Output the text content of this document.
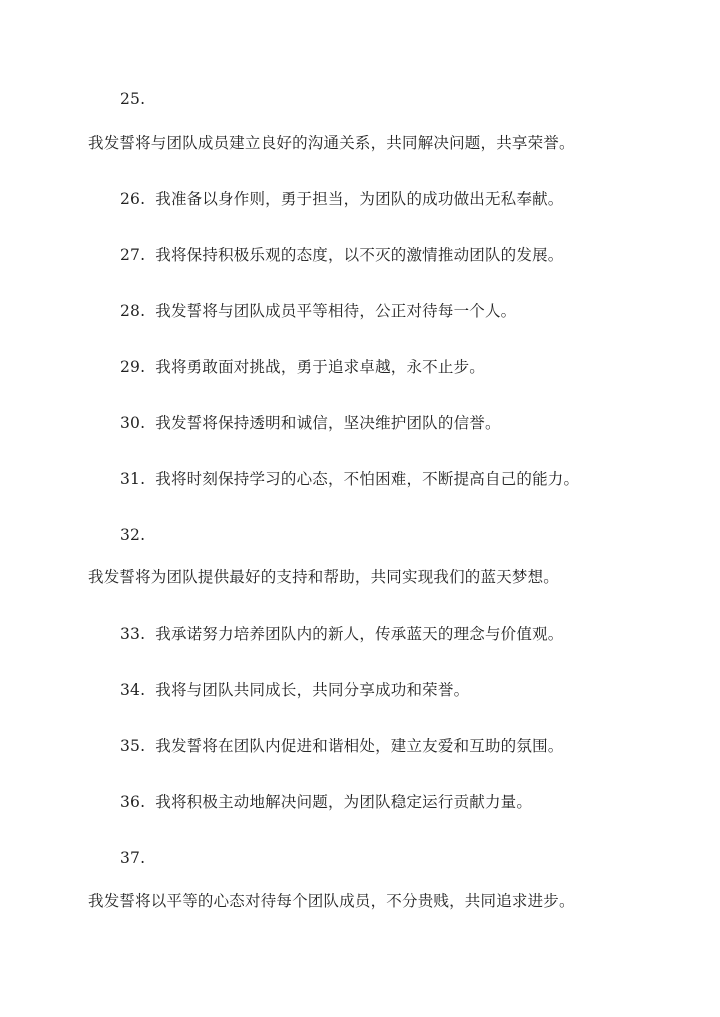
25.
我发誓将与团队成员建立良好的沟通关系，共同解决问题，共享荣誉。
26. 我准备以身作则，勇于担当，为团队的成功做出无私奉献。
27. 我将保持积极乐观的态度，以不灭的激情推动团队的发展。
28. 我发誓将与团队成员平等相待，公正对待每一个人。
29. 我将勇敢面对挑战，勇于追求卓越，永不止步。
30. 我发誓将保持透明和诚信，坚决维护团队的信誉。
31. 我将时刻保持学习的心态，不怕困难，不断提高自己的能力。
32.
我发誓将为团队提供最好的支持和帮助，共同实现我们的蓝天梦想。
33. 我承诺努力培养团队内的新人，传承蓝天的理念与价值观。
34. 我将与团队共同成长，共同分享成功和荣誉。
35. 我发誓将在团队内促进和谐相处，建立友爱和互助的氛围。
36. 我将积极主动地解决问题，为团队稳定运行贡献力量。
37.
我发誓将以平等的心态对待每个团队成员，不分贵贱，共同追求进步。
